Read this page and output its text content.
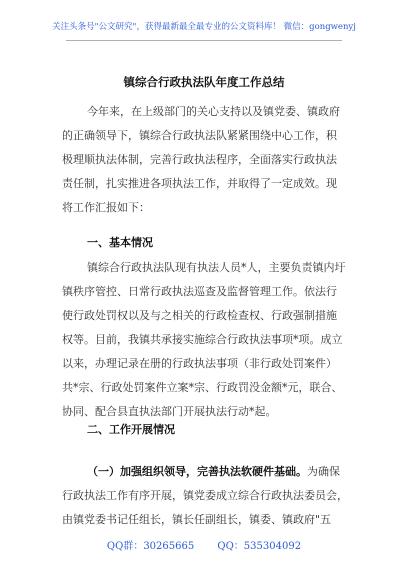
关注头条号"公文研究"，获得最新最全最专业的公文资料库！ 微信：gongwenyj
镇综合行政执法队年度工作总结
今年来，在上级部门的关心支持以及镇党委、镇政府
的正确领导下，镇综合行政执法队紧紧围绕中心工作，积
极理顺执法体制，完善行政执法程序，全面落实行政执法
责任制，扎实推进各项执法工作，并取得了一定成效。现
将工作汇报如下：
一、基本情况
镇综合行政执法队现有执法人员*人，主要负责镇内圩
镇秩序管控、日常行政执法巡查及监督管理工作。依法行
使行政处罚权以及与之相关的行政检查权、行政强制措施
权等。目前，我镇共承接实施综合行政执法事项*项。成立
以来，办理记录在册的行政执法事项（非行政处罚案件）
共*宗、行政处罚案件立案*宗、行政罚没金额*元，联合、
协同、配合县直执法部门开展执法行动*起。
二、工作开展情况
（一）加强组织领导，完善执法软硬件基础。为确保
行政执法工作有序开展，镇党委成立综合行政执法委员会，
由镇党委书记任组长，镇长任副组长，镇委、镇政府"五
QQ群：30265665 QQ：535304092
